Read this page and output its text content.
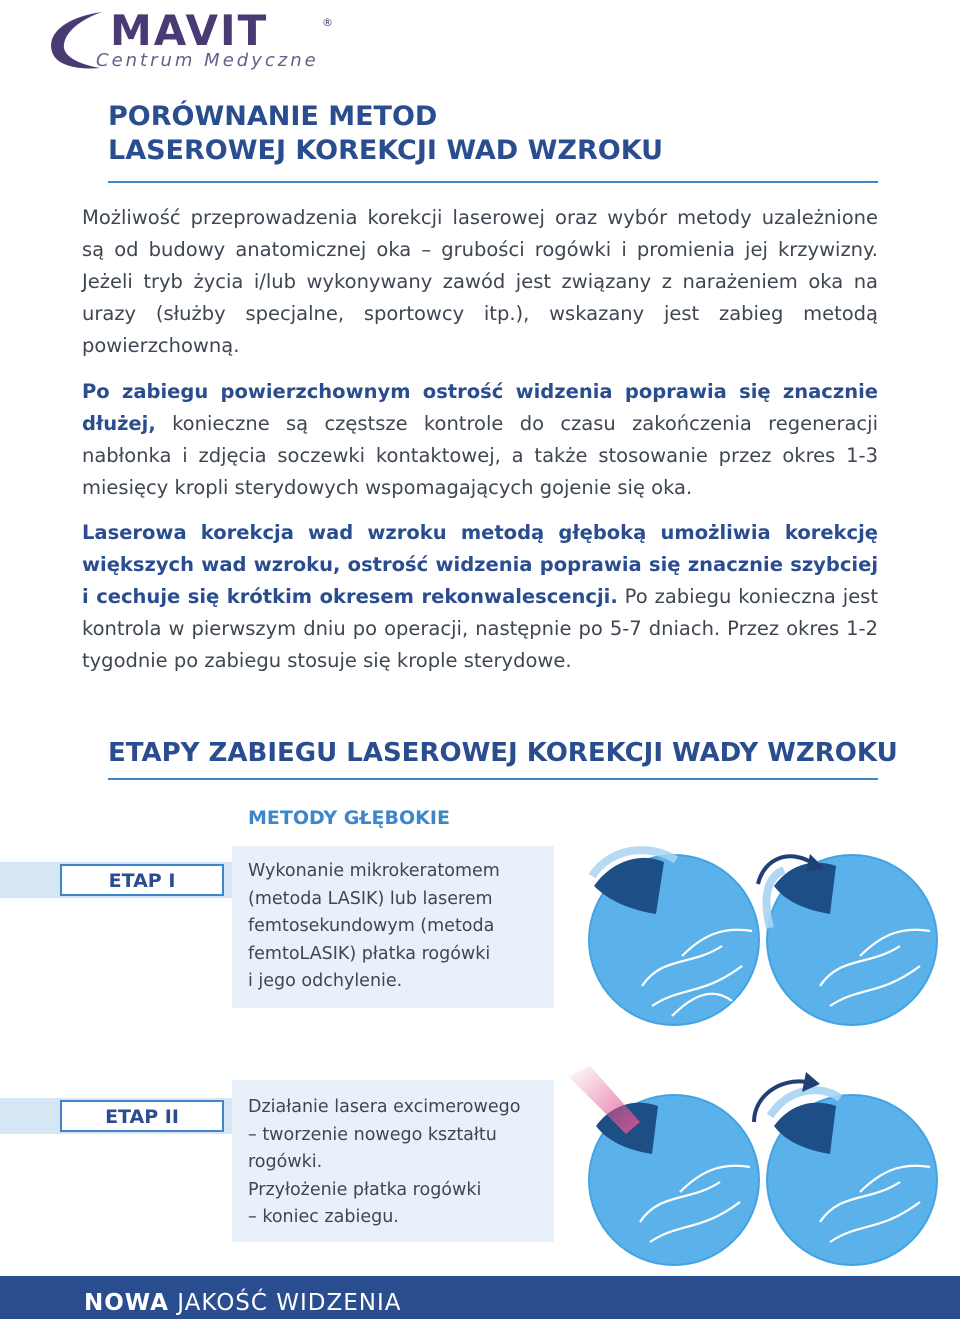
MAVIT	®
Centrum Medyczne
PORÓWNANIE METOD
LASEROWEJ KOREKCJI WAD WZROKU

Możliwość przeprowadzenia korekcji laserowej oraz wybór metody uzależnione są od budowy anatomicznej oka – grubości rogówki i promienia jej krzywizny. Jeżeli tryb życia i/lub wykonywany zawód jest związany z narażeniem oka na urazy (służby specjalne, sportowcy itp.), wskazany jest zabieg metodą powierzchowną.

Po zabiegu powierzchownym ostrość widzenia poprawia się znacznie dłużej, konieczne są częstsze kontrole do czasu zakończenia regeneracji nabłonka i zdjęcia soczewki kontaktowej, a także stosowanie przez okres 1-3 miesięcy kropli sterydowych wspomagających gojenie się oka.

Laserowa korekcja wad wzroku metodą głęboką umożliwia korekcję większych wad wzroku, ostrość widzenia poprawia się znacznie szybciej i cechuje się krótkim okresem rekonwalescencji. Po zabiegu konieczna jest kontrola w pierwszym dniu po operacji, następnie po 5-7 dniach. Przez okres 1-2 tygodnie po zabiegu stosuje się krople sterydowe.

ETAPY ZABIEGU LASEROWEJ KOREKCJI WADY WZROKU
METODY GŁĘBOKIE
ETAP I	Wykonanie mikrokeratomem
(metoda LASIK) lub laserem
femtosekundowym (metoda
femtoLASIK) płatka rogówki
i jego odchylenie.
ETAP II	Działanie lasera excimerowego
– tworzenie nowego kształtu
rogówki.
Przyłożenie płatka rogówki
– koniec zabiegu.
NOWA JAKOŚĆ WIDZENIA
